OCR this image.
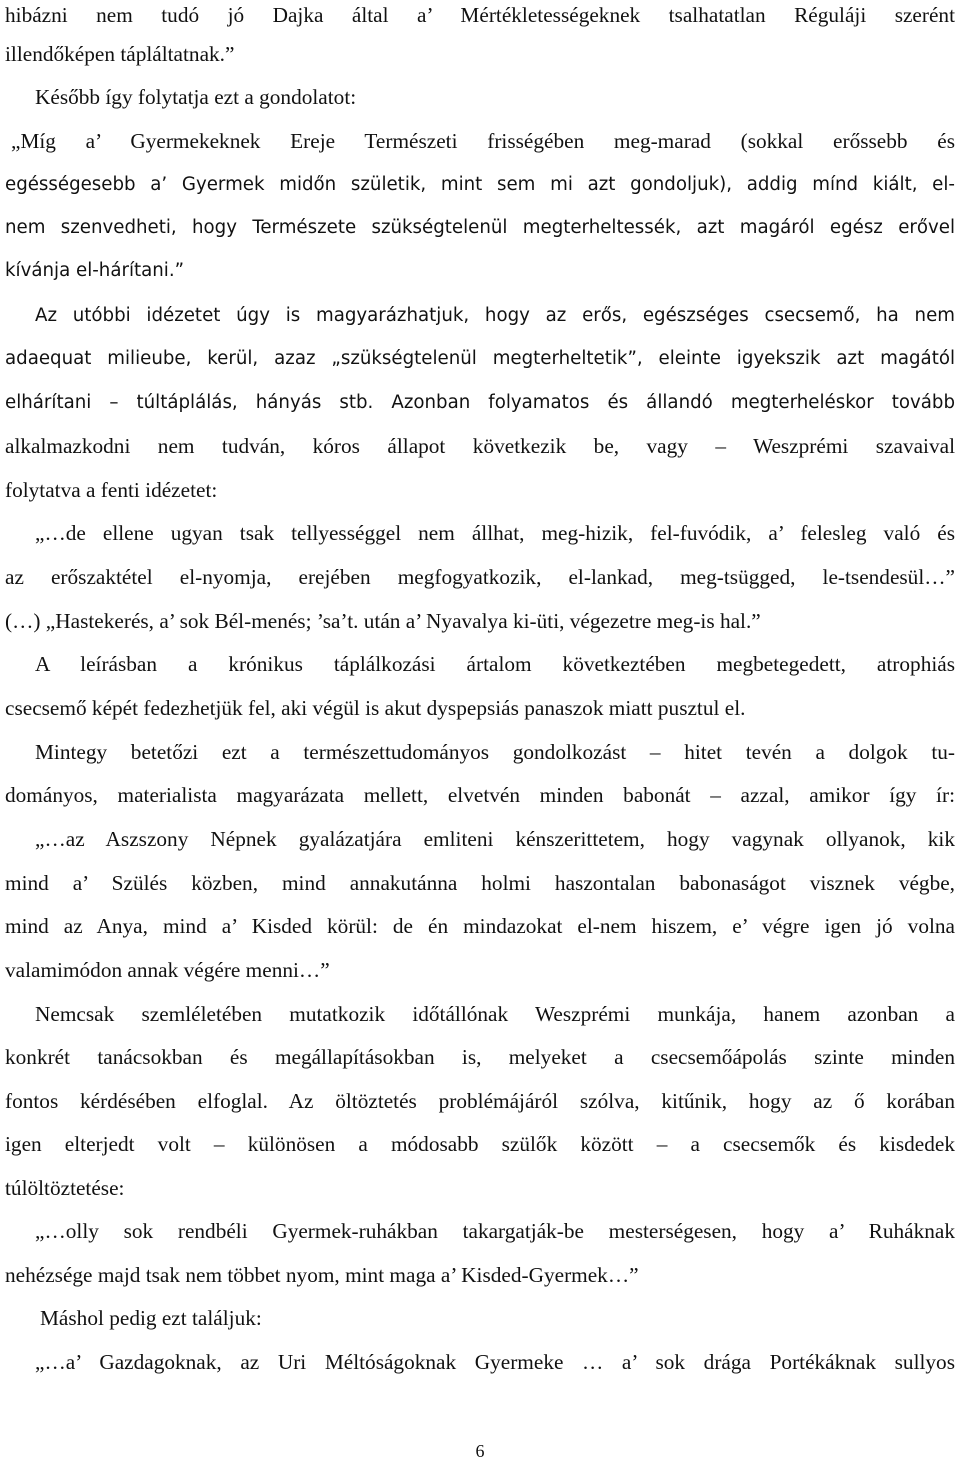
hibázni nem tudó jó Dajka által a’ Mértékletességeknek tsalhatatlan Réguláji szerént
illendőképen tápláltatnak.”
Később így folytatja ezt a gondolatot:
„Míg a’ Gyermekeknek Ereje Természeti frisségében meg-marad (sokkal erőssebb és
egésségesebb a’ Gyermek midőn születik, mint sem mi azt gondoljuk), addig mínd kiált, el-
nem szenvedheti, hogy Természete szükségtelenül megterheltessék, azt magáról egész erővel
kívánja el-hárítani.”
Az utóbbi idézetet úgy is magyarázhatjuk, hogy az erős, egészséges csecsemő, ha nem
adaequat milieube, kerül, azaz „szükségtelenül megterheltetik”, eleinte igyekszik azt magától
elhárítani – túltáplálás, hányás stb. Azonban folyamatos és állandó megterheléskor tovább
alkalmazkodni nem tudván, kóros állapot következik be, vagy – Weszprémi szavaival
folytatva a fenti idézetet:
„…de ellene ugyan tsak tellyességgel nem állhat, meg-hizik, fel-fuvódik, a’ felesleg való és
az erőszaktétel el-nyomja, erejében megfogyatkozik, el-lankad, meg-tsügged, le-tsendesül…”
(…) „Hastekerés, a’ sok Bél-menés; ’sa’t. után a’ Nyavalya ki-üti, végezetre meg-is hal.”
A leírásban a krónikus táplálkozási ártalom következtében megbetegedett, atrophiás
csecsemő képét fedezhetjük fel, aki végül is akut dyspepsiás panaszok miatt pusztul el.
Mintegy betetőzi ezt a természettudományos gondolkozást – hitet tevén a dolgok tu-
dományos, materialista magyarázata mellett, elvetvén minden babonát – azzal, amikor így ír:
„…az Aszszony Népnek gyalázatjára emliteni kénszerittetem, hogy vagynak ollyanok, kik
mind a’ Szülés közben, mind annakutánna holmi haszontalan babonaságot visznek végbe,
mind az Anya, mind a’ Kisded körül: de én mindazokat el-nem hiszem, e’ végre igen jó volna
valamimódon annak végére menni…”
Nemcsak szemléletében mutatkozik időtállónak Weszprémi munkája, hanem azonban a
konkrét tanácsokban és megállapításokban is, melyeket a csecsemőápolás szinte minden
fontos kérdésében elfoglal. Az öltöztetés problémájáról szólva, kitűnik, hogy az ő korában
igen elterjedt volt – különösen a módosabb szülők között – a csecsemők és kisdedek
túlöltöztetése:
„…olly sok rendbéli Gyermek-ruhákban takargatják-be mesterségesen, hogy a’ Ruháknak
nehézsége majd tsak nem többet nyom, mint maga a’ Kisded-Gyermek…”
Máshol pedig ezt találjuk:
„…a’ Gazdagoknak, az Uri Méltóságoknak Gyermeke … a’ sok drága Portékáknak sullyos
6
